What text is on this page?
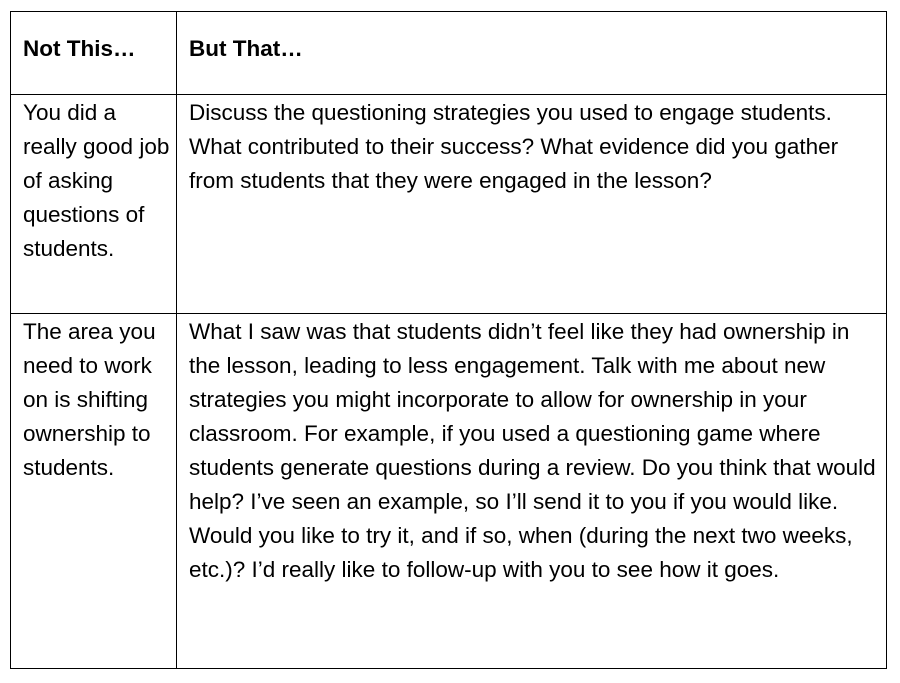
Not This…	But That…

You did a really good job of asking questions of students.	Discuss the questioning strategies you used to engage students. What contributed to their success? What evidence did you gather from students that they were engaged in the lesson?

The area you need to work on is shifting ownership to students.	What I saw was that students didn’t feel like they had ownership in the lesson, leading to less engagement. Talk with me about new strategies you might incorporate to allow for ownership in your classroom. For example, if you used a questioning game where students generate questions during a review. Do you think that would help? I’ve seen an example, so I’ll send it to you if you would like. Would you like to try it, and if so, when (during the next two weeks, etc.)? I’d really like to follow-up with you to see how it goes.
